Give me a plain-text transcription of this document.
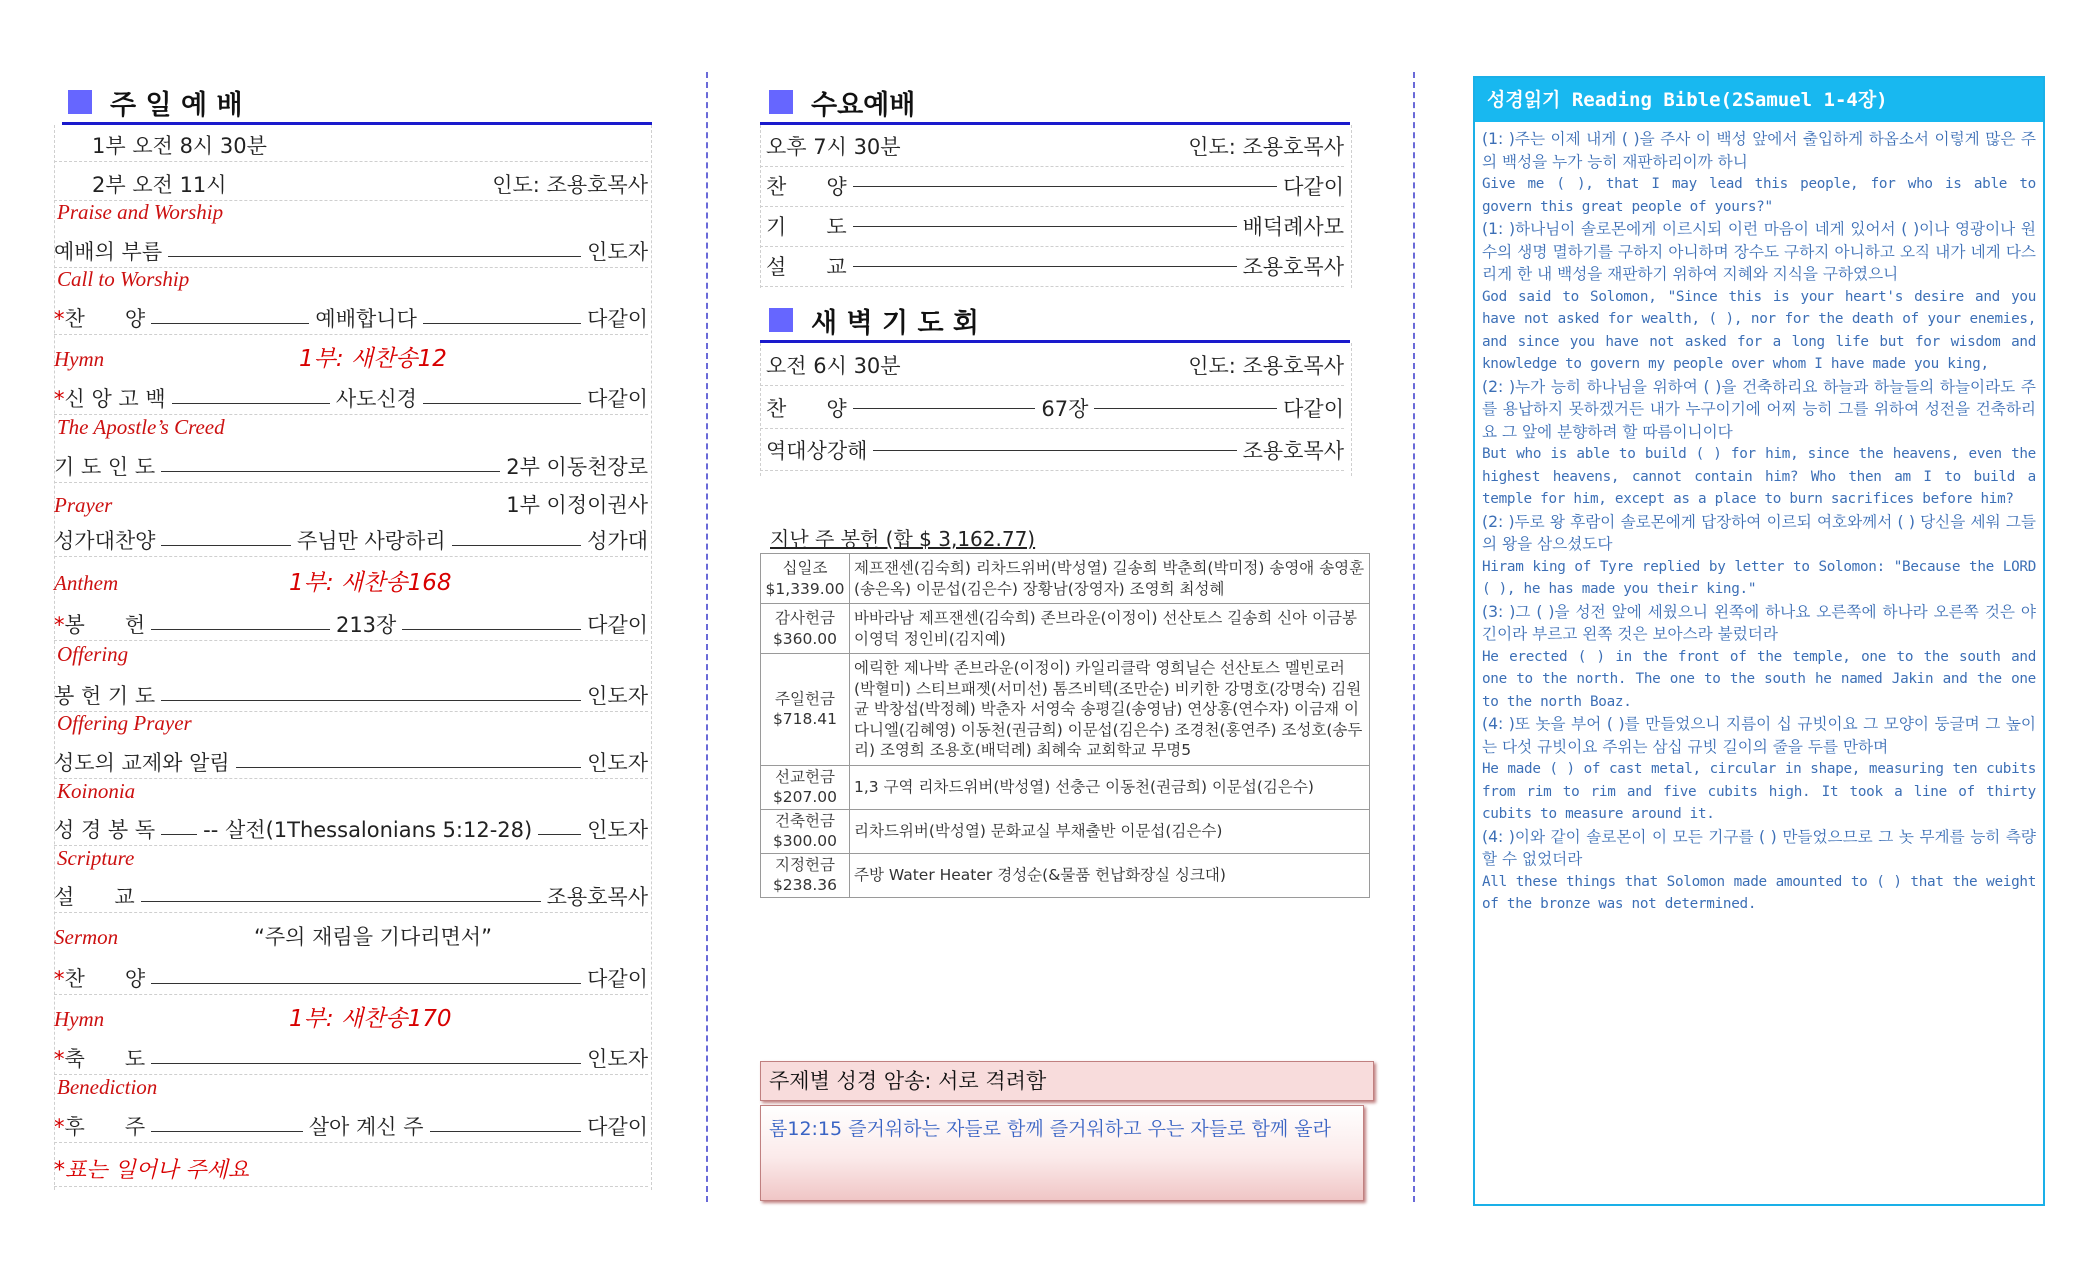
주 일 예 배
1부 오전 8시 30분
2부 오전 11시	인도: 조용호목사
Praise and Worship
예배의 부름	인도자
Call to Worship
* 찬      양	예배합니다	다같이
Hymn	1부: 새찬송12
* 신 앙 고 백	사도신경	다같이
The Apostle’s Creed
기 도 인 도	2부 이동천장로
Prayer	1부 이정이권사
성가대찬양	주님만 사랑하리	성가대
Anthem	1부: 새찬송168
* 봉      헌	213장	다같이
Offering
봉 헌 기 도	인도자
Offering Prayer
성도의 교제와 알림	인도자
Koinonia
성 경 봉 독 -- 살전(1Thessalonians 5:12-28)	인도자
Scripture
설      교	조용호목사
Sermon	“주의 재림을 기다리면서”
* 찬      양	다같이
Hymn	1부: 새찬송170
* 축      도	인도자
Benediction
* 후      주	살아 계신 주	다같이
*표는 일어나 주세요
수요예배
오후 7시 30분	인도: 조용호목사
찬      양	다같이
기      도	배덕례사모
설      교	조용호목사
새 벽 기 도 회
오전 6시 30분	인도: 조용호목사
찬      양	67장	다같이
역대상강해	조용호목사
지난 주 봉헌 (합 $ 3,162.77)
십일조
$1,339.00	제프잰센(김숙희) 리차드위버(박성열) 길송희 박춘희(박미정) 송영애 송영훈(송은옥) 이문섭(김은수) 장황남(장영자) 조영희 최성혜

감사헌금
$360.00	바바라남 제프잰센(김숙희) 존브라운(이정이) 선산토스 길송희 신아 이금봉 이영덕 정인비(김지예)

주일헌금
$718.41	에릭한 제나박 존브라운(이정이) 카일리클락 영희닐슨 선산토스 멜빈로러(박혈미) 스티브패젯(서미선) 톰즈비텍(조만순) 비키한 강명호(강명숙) 김원균 박창섭(박정혜) 박춘자 서영숙 송평길(송영남) 연상홍(연수자) 이금재 이다니엘(김혜영) 이동천(권금희) 이문섭(김은수) 조경천(홍연주) 조성호(송두리) 조영희 조용호(배덕례) 최혜숙 교회학교 무명5

선교헌금
$207.00	1,3 구역 리차드위버(박성열) 선충근 이동천(권금희) 이문섭(김은수)

건축헌금
$300.00	리차드위버(박성열) 문화교실 부채출반 이문섭(김은수)

지정헌금
$238.36	주방 Water Heater 경성순(&물품 헌납화장실 싱크대)
주제별 성경 암송: 서로 격려함
롬12:15 즐거워하는 자들로 함께 즐거워하고 우는 자들로 함께 울라
성경읽기 Reading Bible(2Samuel 1-4장)

(1: )주는 이제 내게 ( )을 주사 이 백성 앞에서 출입하게 하옵소서 이렇게 많은 주의 백성을 누가 능히 재판하리이까 하니

Give me ( ), that I may lead this people, for who is able to govern this great people of yours?"

(1: )하나님이 솔로몬에게 이르시되 이런 마음이 네게 있어서 ( )이나 영광이나 원수의 생명 멸하기를 구하지 아니하며 장수도 구하지 아니하고 오직 내가 네게 다스리게 한 내 백성을 재판하기 위하여 지혜와 지식을 구하였으니

God said to Solomon, "Since this is your heart's desire and you have not asked for wealth, ( ), nor for the death of your enemies, and since you have not asked for a long life but for wisdom and knowledge to govern my people over whom I have made you king,

(2: )누가 능히 하나님을 위하여 ( )을 건축하리요 하늘과 하늘들의 하늘이라도 주를 용납하지 못하겠거든 내가 누구이기에 어찌 능히 그를 위하여 성전을 건축하리요 그 앞에 분향하려 할 따름이니이다

But who is able to build ( ) for him, since the heavens, even the highest heavens, cannot contain him? Who then am I to build a temple for him, except as a place to burn sacrifices before him?

(2: )두로 왕 후람이 솔로몬에게 답장하여 이르되 여호와께서 ( ) 당신을 세워 그들의 왕을 삼으셨도다

Hiram king of Tyre replied by letter to Solomon: "Because the LORD ( ), he has made you their king."

(3: )그 ( )을 성전 앞에 세웠으니 왼쪽에 하나요 오른쪽에 하나라 오른쪽 것은 야긴이라 부르고 왼쪽 것은 보아스라 불렀더라

He erected ( ) in the front of the temple, one to the south and one to the north. The one to the south he named Jakin and the one to the north Boaz.

(4: )또 놋을 부어 ( )를 만들었으니 지름이 십 규빗이요 그 모양이 둥글며 그 높이는 다섯 규빗이요 주위는 삼십 규빗 길이의 줄을 두를 만하며

He made ( ) of cast metal, circular in shape, measuring ten cubits from rim to rim and five cubits high. It took a line of thirty cubits to measure around it.

(4: )이와 같이 솔로몬이 이 모든 기구를 ( ) 만들었으므로 그 놋 무게를 능히 측량할 수 없었더라

All these things that Solomon made amounted to ( ) that the weight of the bronze was not determined.
